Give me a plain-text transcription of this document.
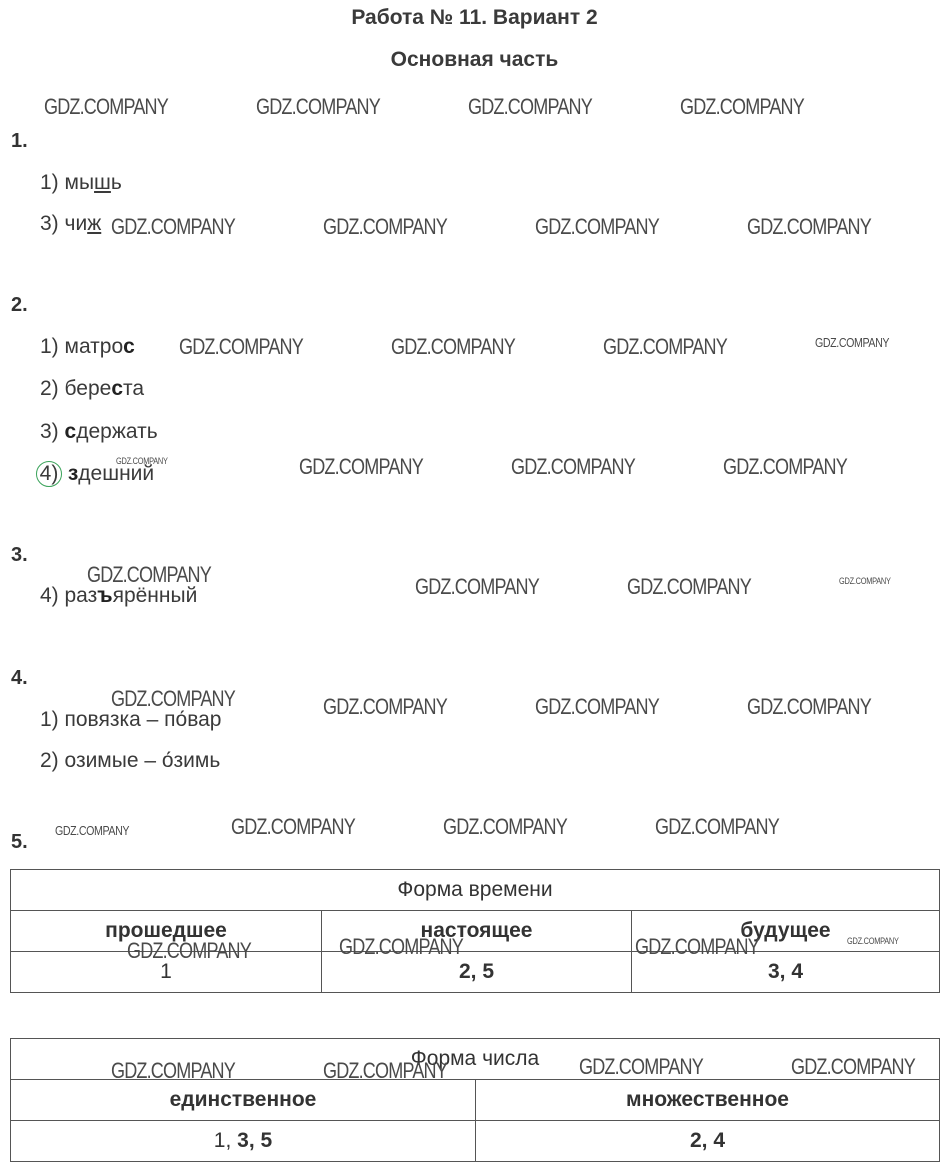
Работа № 11. Вариант 2
Основная часть
GDZ.COMPANY	GDZ.COMPANY	GDZ.COMPANY	GDZ.COMPANY
1.
1) мышь
3) чиж GDZ.COMPANY	GDZ.COMPANY	GDZ.COMPANY	GDZ.COMPANY
2.
1) матрос GDZ.COMPANY	GDZ.COMPANY	GDZ.COMPANY	GDZ.COMPANY
2) береста
3) сдержать
4) здешний
GDZ.COMPANY	GDZ.COMPANY	GDZ.COMPANY	GDZ.COMPANY
3.
GDZ.COMPANY
4) разъярённый	GDZ.COMPANY	GDZ.COMPANY	GDZ.COMPANY
4.
GDZ.COMPANY
1) повязка – по́вар
GDZ.COMPANY	GDZ.COMPANY	GDZ.COMPANY
2) озимые – о́зимь
GDZ.COMPANY	GDZ.COMPANY	GDZ.COMPANY	GDZ.COMPANY
5.
Форма времени		
прошедшее	настоящее	будущее
1	2, 5	3, 4
GDZ.COMPANY	GDZ.COMPANY	GDZ.COMPANY	GDZ.COMPANY
Форма числа	
единственное	множественное
1, 3, 5	2, 4
GDZ.COMPANY	GDZ.COMPANY	GDZ.COMPANY	GDZ.COMPANY
